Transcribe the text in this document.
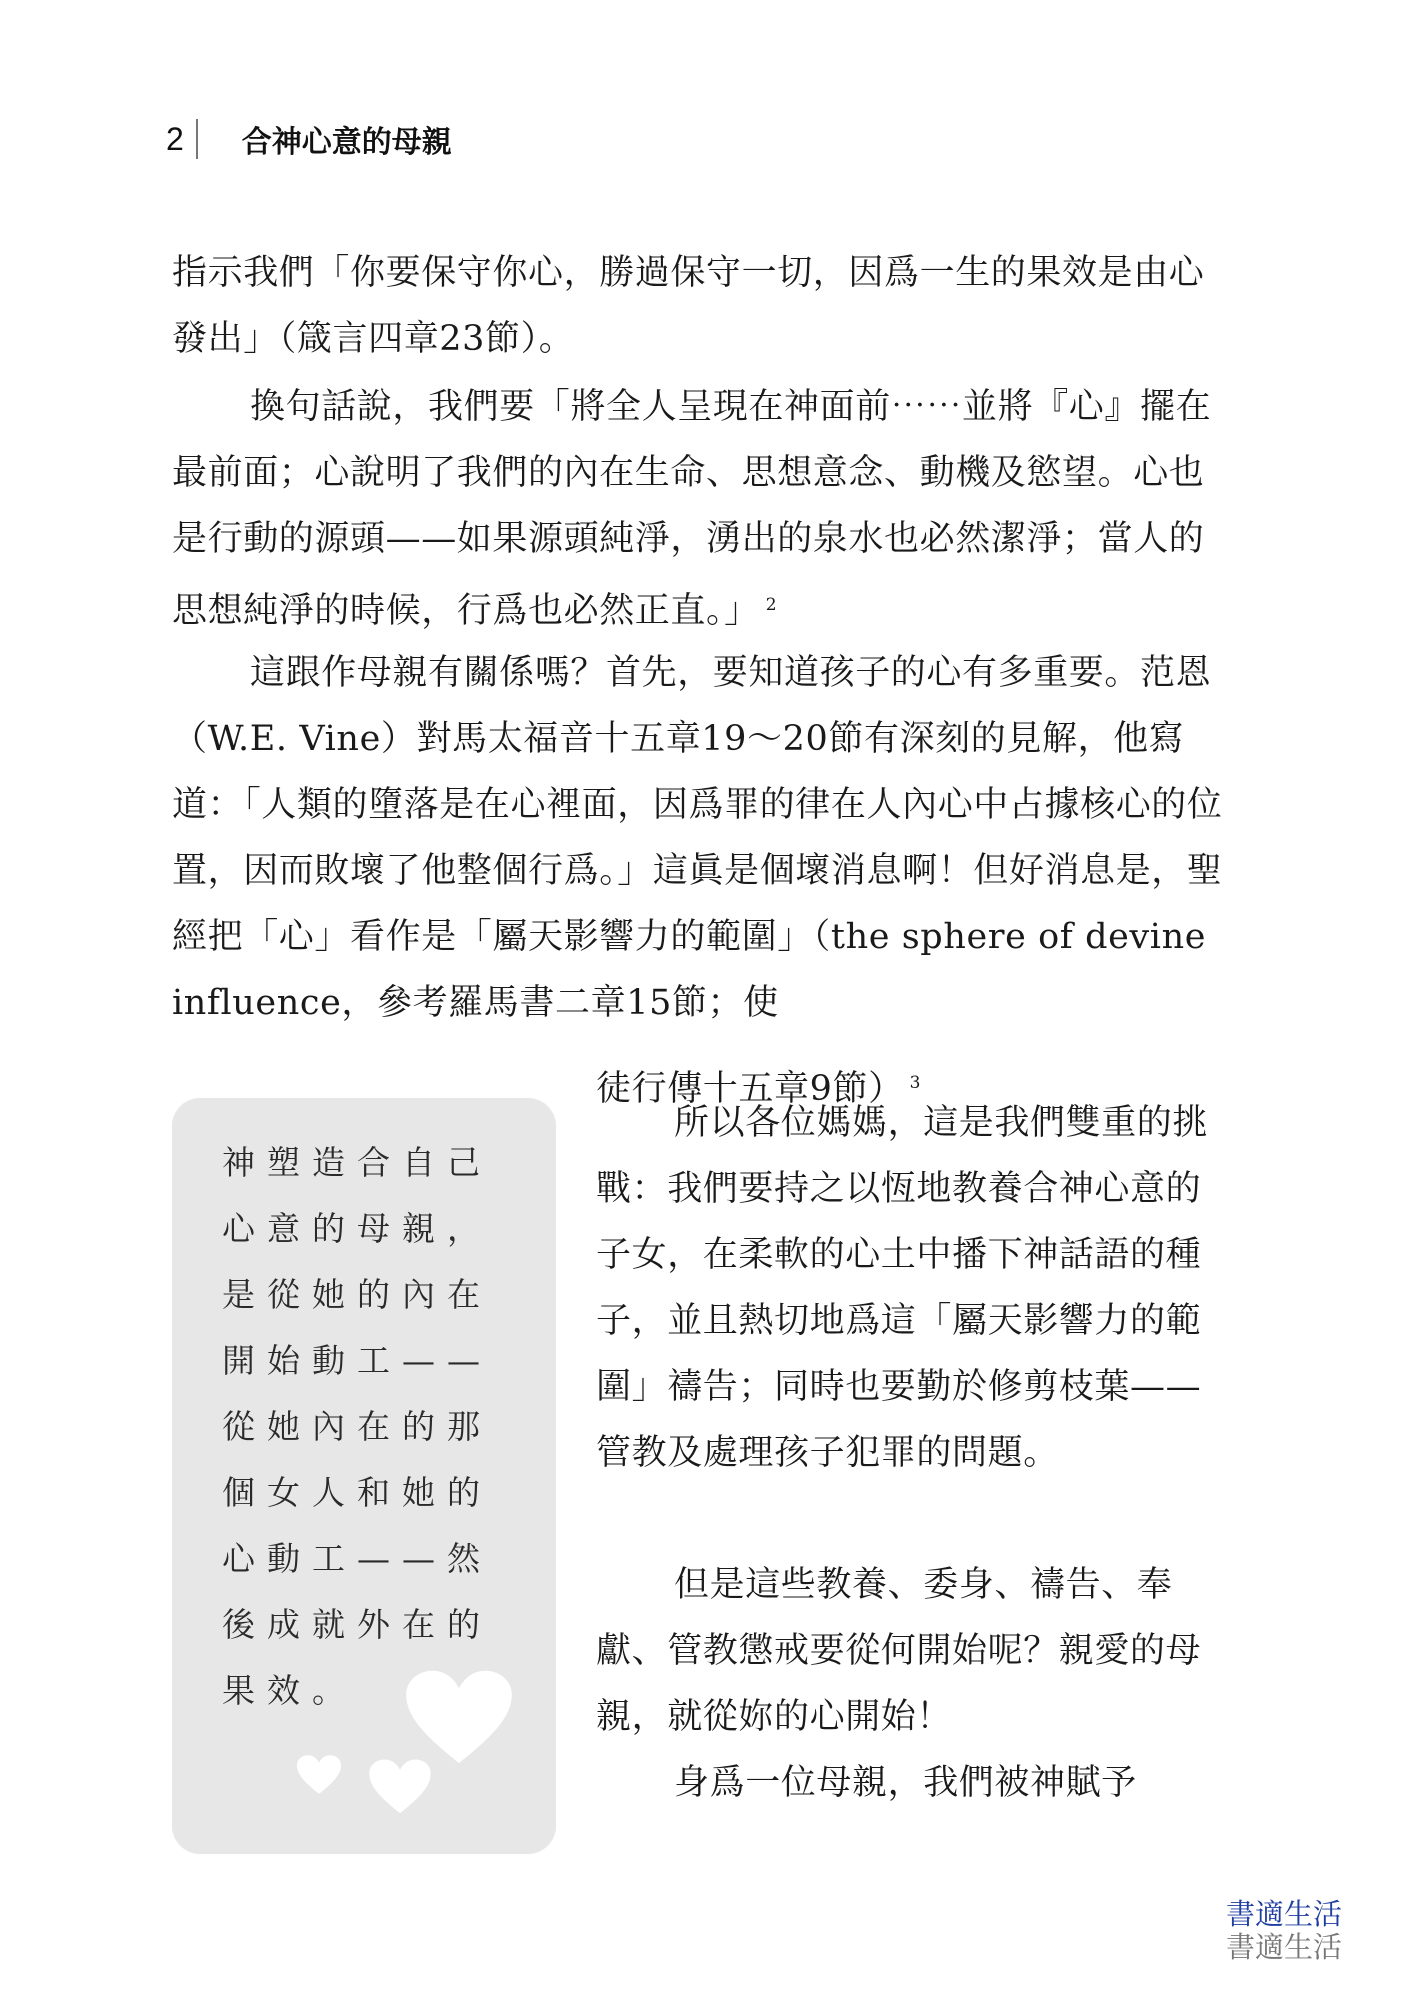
2 合神心意的母親

指示我們「你要保守你心，勝過保守一切，因爲一生的果效是由心發出」（箴言四章23節）。

換句話說，我們要「將全人呈現在神面前⋯⋯並將『心』擺在最前面；心說明了我們的內在生命、思想意念、動機及慾望。心也是行動的源頭——如果源頭純淨，湧出的泉水也必然潔淨；當人的思想純淨的時候，行爲也必然正直。」 $^2$

這跟作母親有關係嗎？首先，要知道孩子的心有多重要。范恩（W.E. Vine）對馬太福音十五章19～20節有深刻的見解，他寫道：「人類的墮落是在心裡面，因爲罪的律在人內心中占據核心的位置，因而敗壞了他整個行爲。」這眞是個壞消息啊！但好消息是，聖經把「心」看作是「屬天影響力的範圍」（the sphere of devine influence，參考羅馬書二章15節；使

徒行傳十五章9節） $^3$

神塑造合自己心意的母親，是從她的內在開始動工——從她內在的那個女人和她的心動工——然後成就外在的果效。

所以各位媽媽，這是我們雙重的挑戰：我們要持之以恆地教養合神心意的子女，在柔軟的心土中播下神話語的種子，並且熱切地爲這「屬天影響力的範圍」禱告；同時也要勤於修剪枝葉——管教及處理孩子犯罪的問題。

但是這些教養、委身、禱告、奉獻、管教懲戒要從何開始呢？親愛的母親，就從妳的心開始！

身爲一位母親，我們被神賦予

書適生活
書適生活
